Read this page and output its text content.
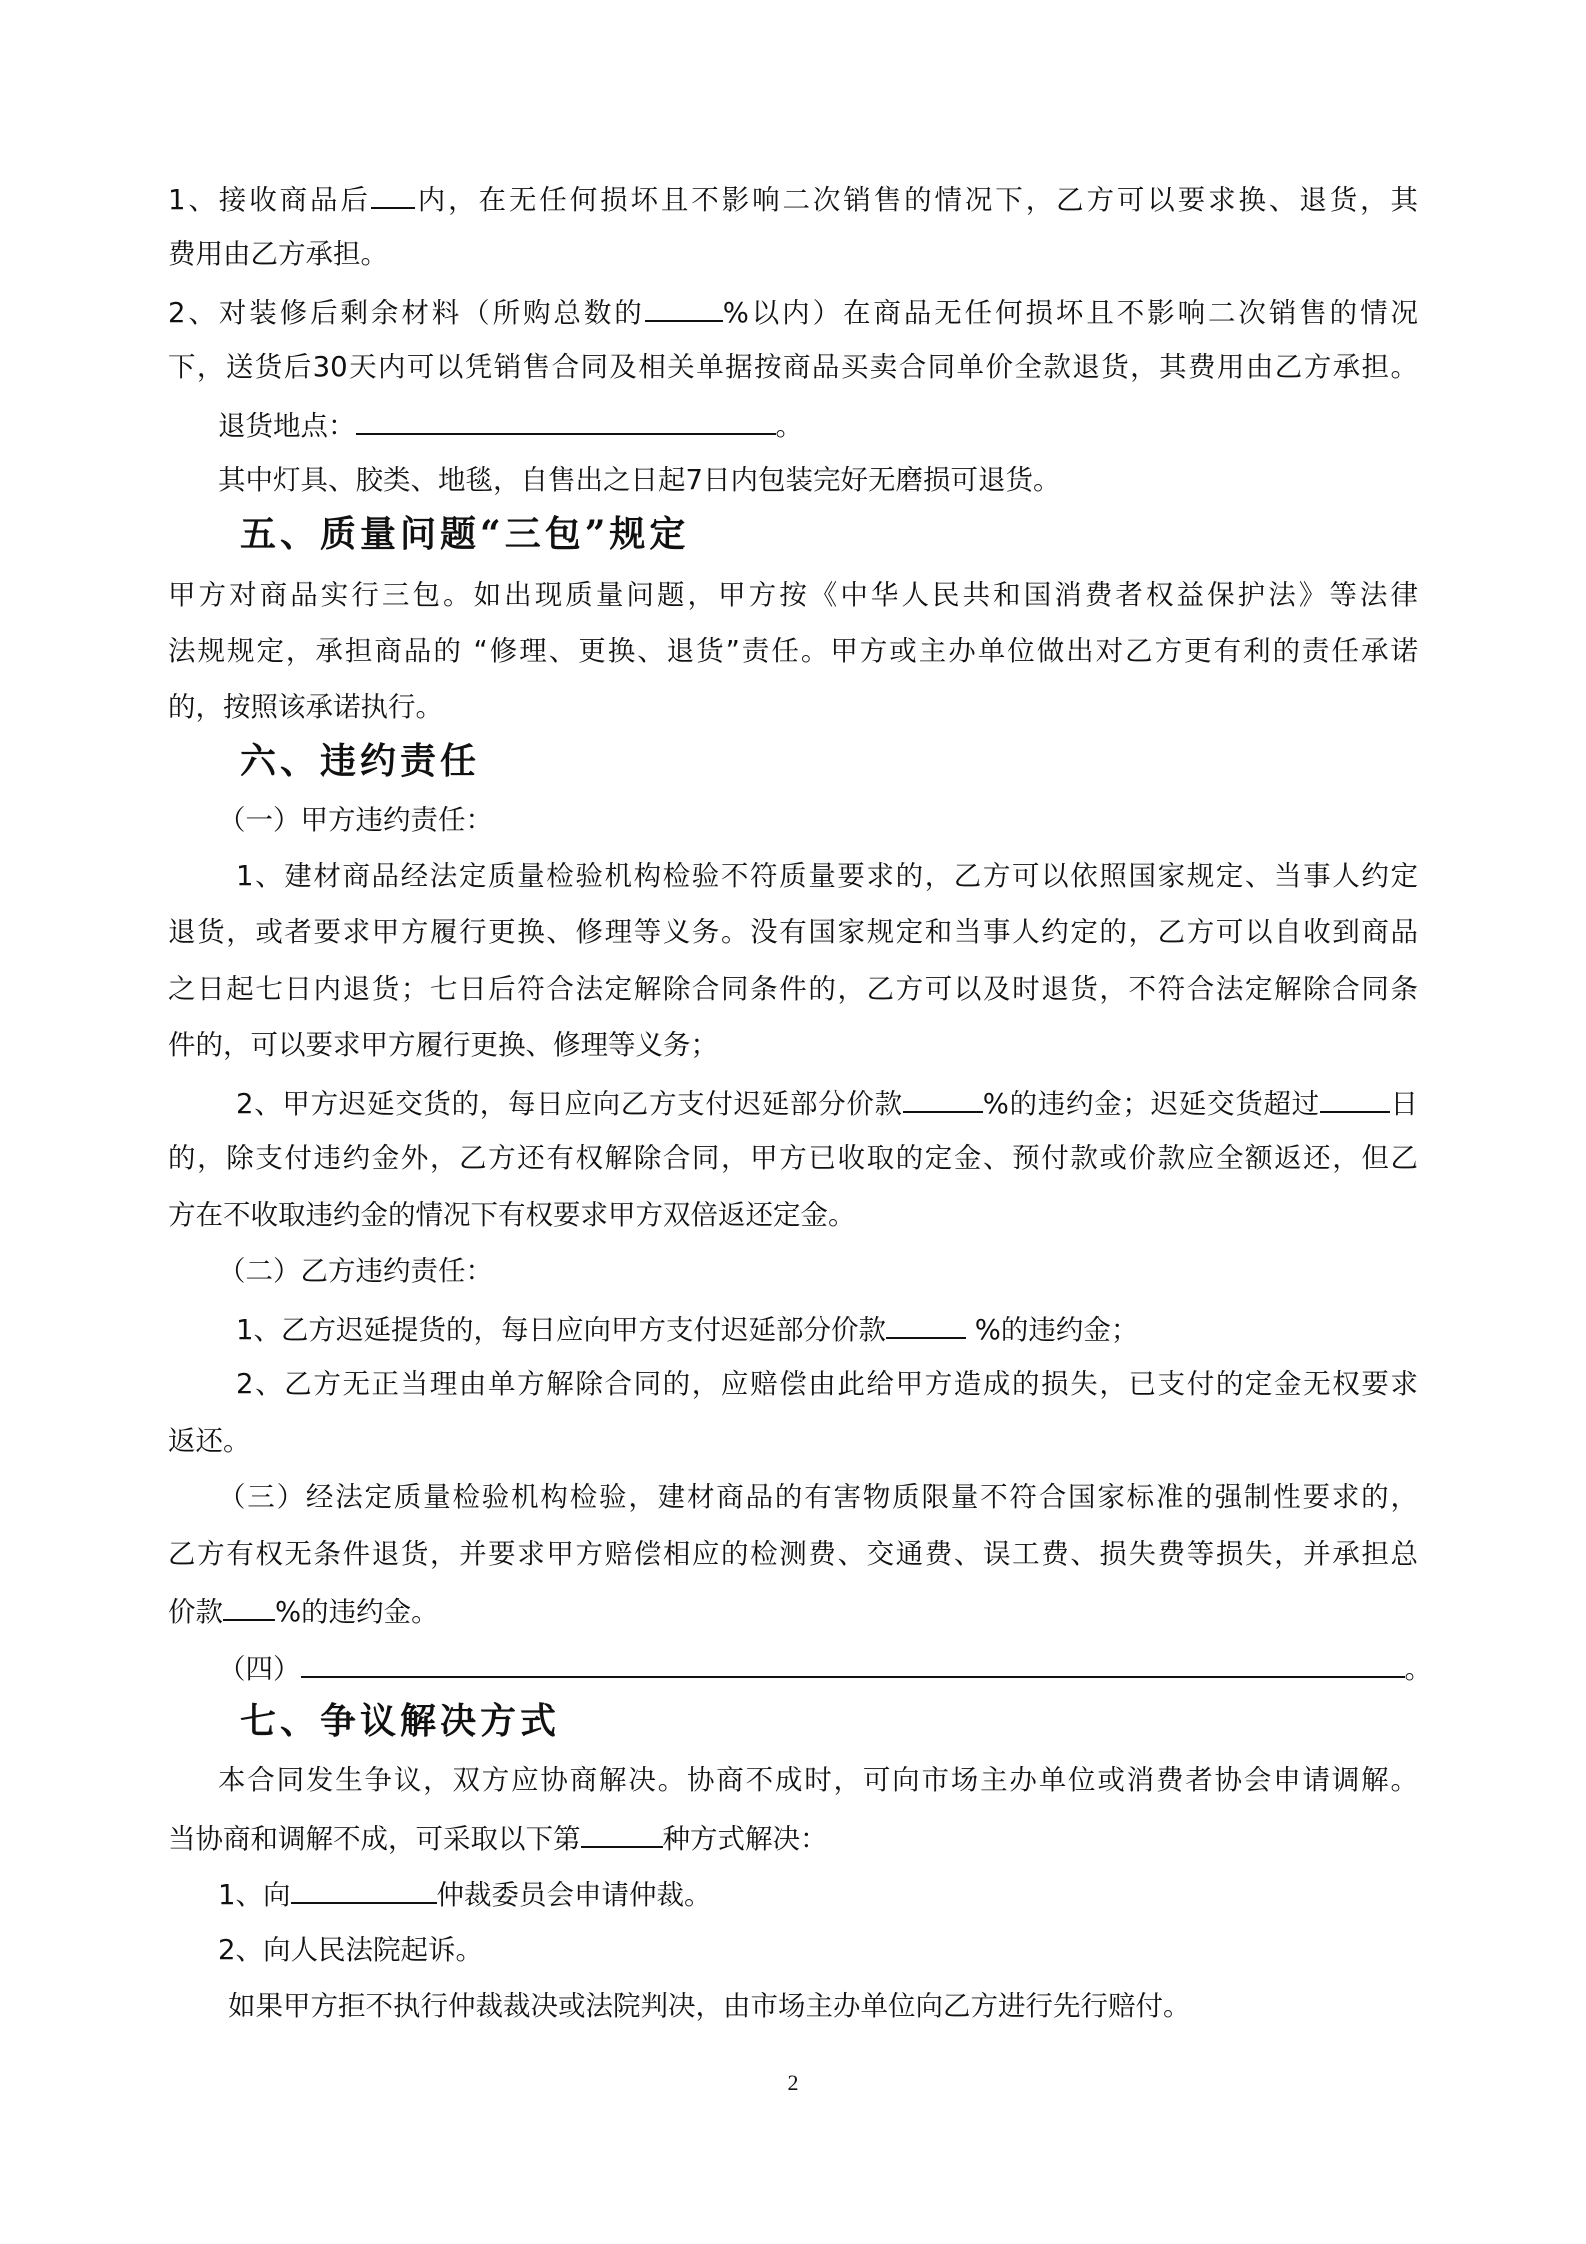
1、接收商品后 内，在无任何损坏且不影响二次销售的情况下，乙方可以要求换、退货，其
费用由乙方承担。
2、对装修后剩余材料（所购总数的	%以内）在商品无任何损坏且不影响二次销售的情况
下，送货后30天内可以凭销售合同及相关单据按商品买卖合同单价全款退货，其费用由乙方承担。
退货地点：	。
其中灯具、胶类、地毯，自售出之日起7日内包装完好无磨损可退货。
五、质量问题“三包”规定
甲方对商品实行三包。如出现质量问题，甲方按《中华人民共和国消费者权益保护法》等法律
法规规定，承担商品的 “修理、更换、退货”责任。甲方或主办单位做出对乙方更有利的责任承诺
的，按照该承诺执行。
六、违约责任
（一）甲方违约责任：
1、建材商品经法定质量检验机构检验不符质量要求的，乙方可以依照国家规定、当事人约定
退货，或者要求甲方履行更换、修理等义务。没有国家规定和当事人约定的，乙方可以自收到商品
之日起七日内退货；七日后符合法定解除合同条件的，乙方可以及时退货，不符合法定解除合同条
件的，可以要求甲方履行更换、修理等义务；
2、甲方迟延交货的，每日应向乙方支付迟延部分价款	%的违约金；迟延交货超过	日
的，除支付违约金外，乙方还有权解除合同，甲方已收取的定金、预付款或价款应全额返还，但乙
方在不收取违约金的情况下有权要求甲方双倍返还定金。
（二）乙方违约责任：
1、乙方迟延提货的，每日应向甲方支付迟延部分价款	%的违约金；
2、乙方无正当理由单方解除合同的，应赔偿由此给甲方造成的损失，已支付的定金无权要求
返还。
（三）经法定质量检验机构检验，建材商品的有害物质限量不符合国家标准的强制性要求的，
乙方有权无条件退货，并要求甲方赔偿相应的检测费、交通费、误工费、损失费等损失，并承担总
价款 %的违约金。
（四）	。
七、争议解决方式
本合同发生争议，双方应协商解决。协商不成时，可向市场主办单位或消费者协会申请调解。
当协商和调解不成，可采取以下第	种方式解决：
1、向	仲裁委员会申请仲裁。
2、向人民法院起诉。
如果甲方拒不执行仲裁裁决或法院判决，由市场主办单位向乙方进行先行赔付。
2
